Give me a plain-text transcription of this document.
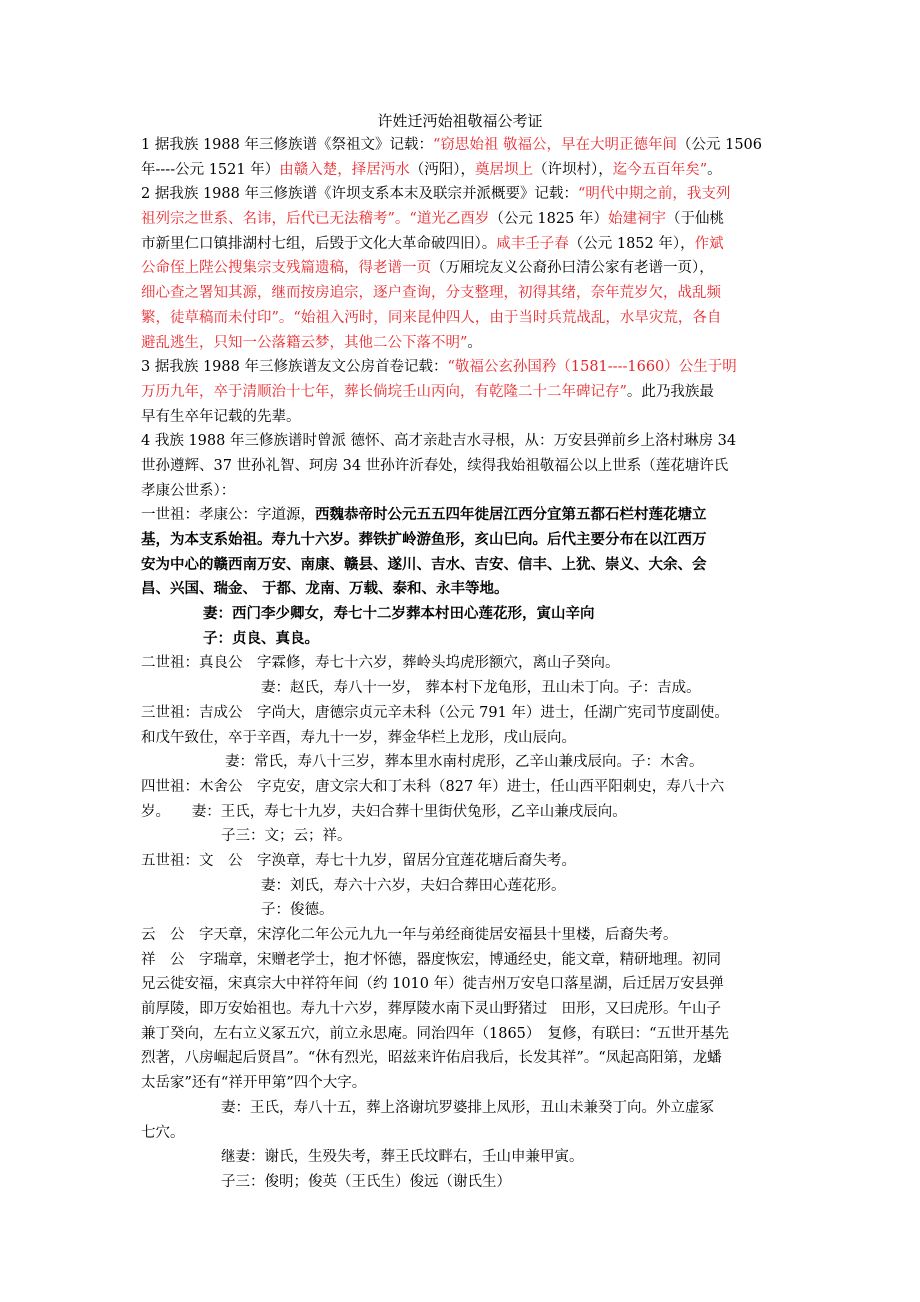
许姓迁沔始祖敬福公考证
1 据我族 1988 年三修族谱《祭祖文》记载：“窃思始祖 敬福公，早在大明正德年间（公元 1506
年----公元 1521 年）由赣入楚，择居沔水（沔阳），奠居坝上（许坝村），迄今五百年矣”。
2 据我族 1988 年三修族谱《许坝支系本末及联宗并派概要》记载：“明代中期之前，我支列
祖列宗之世系、名讳，后代已无法稽考”。“道光乙酉岁（公元 1825 年）始建祠宇（于仙桃
市新里仁口镇排湖村七组，后毁于文化大革命破四旧）。咸丰壬子春（公元 1852 年），作斌
公命侄上陛公搜集宗支残篇遗稿，得老谱一页（万厢垸友义公裔孙曰清公家有老谱一页），
细心查之署知其源，继而按房追宗，逐户查询，分支整理，初得其绪，奈年荒岁欠，战乱频
繁，徒草稿而未付印”。“始祖入沔时，同来昆仲四人，由于当时兵荒战乱，水旱灾荒，各自
避乱逃生，只知一公落籍云梦，其他二公下落不明”。
3 据我族 1988 年三修族谱友文公房首卷记载：“敬福公玄孙国矜（1581----1660）公生于明
万历九年，卒于清顺治十七年，葬长倘垸壬山丙向，有乾隆二十二年碑记存”。此乃我族最
早有生卒年记载的先辈。
4 我族 1988 年三修族谱时曾派 德怀、高才亲赴吉水寻根，从：万安县弹前乡上洛村琳房 34
世孙遵辉、37 世孙礼智、珂房 34 世孙许沂春处，续得我始祖敬福公以上世系（莲花塘许氏
孝康公世系）：
一世祖：孝康公：字道源，西魏恭帝时公元五五四年徙居江西分宜第五都石栏村莲花塘立
基，为本支系始祖。寿九十六岁。葬铁扩岭游鱼形，亥山巳向。后代主要分布在以江西万
安为中心的赣西南万安、南康、赣县、遂川、吉水、吉安、信丰、上犹、崇义、大余、会
昌、兴国、瑞金、 于都、龙南、万载、泰和、永丰等地。
妻：西门李少卿女，寿七十二岁葬本村田心莲花形，寅山辛向
子：贞良、真良。
二世祖：真良公　字霖修，寿七十六岁，葬岭头坞虎形额穴，离山子癸向。
妻：赵氏，寿八十一岁， 葬本村下龙龟形，丑山未丁向。子：吉成。
三世祖：吉成公　字尚大，唐德宗贞元辛未科（公元 791 年）进士，任湖广宪司节度副使。
和戊午致仕，卒于辛酉，寿九十一岁，葬金华栏上龙形，戌山辰向。
妻：常氏，寿八十三岁，葬本里水南村虎形，乙辛山兼戌辰向。子：木舍。
四世祖：木舍公　字克安，唐文宗大和丁未科（827 年）进士，任山西平阳刺史，寿八十六
岁。　　妻：王氏，寿七十九岁，夫妇合葬十里街伏兔形，乙辛山兼戌辰向。
子三：文；云；祥。
五世祖：文　公　字涣章，寿七十九岁，留居分宜莲花塘后裔失考。
妻：刘氏，寿六十六岁，夫妇合葬田心莲花形。
子：俊德。
云　公　字天章，宋淳化二年公元九九一年与弟经商徙居安福县十里楼，后裔失考。
祥　公　字瑞章，宋赠老学士，抱才怀德，器度恢宏，博通经史，能文章，精研地理。初同
兄云徙安福，宋真宗大中祥符年间（约 1010 年）徙吉州万安皂口落星湖，后迁居万安县弹
前厚陵，即万安始祖也。寿九十六岁，葬厚陵水南下灵山野猪过　田形，又曰虎形。午山子
兼丁癸向，左右立义冢五穴，前立永思庵。同治四年（1865）　复修，有联曰：“五世开基先
烈著，八房崛起后贤昌”。“休有烈光，昭兹来许佑启我后，长发其祥”。“凤起高阳第，龙蟠
太岳家”还有“祥开甲第”四个大字。
妻：王氏，寿八十五，葬上洛谢坑罗婆排上凤形，丑山未兼癸丁向。外立虚冢
七穴。
继妻：谢氏，生殁失考，葬王氏坟畔右，壬山申兼甲寅。
子三：俊明；俊英（王氏生）俊远（谢氏生）
